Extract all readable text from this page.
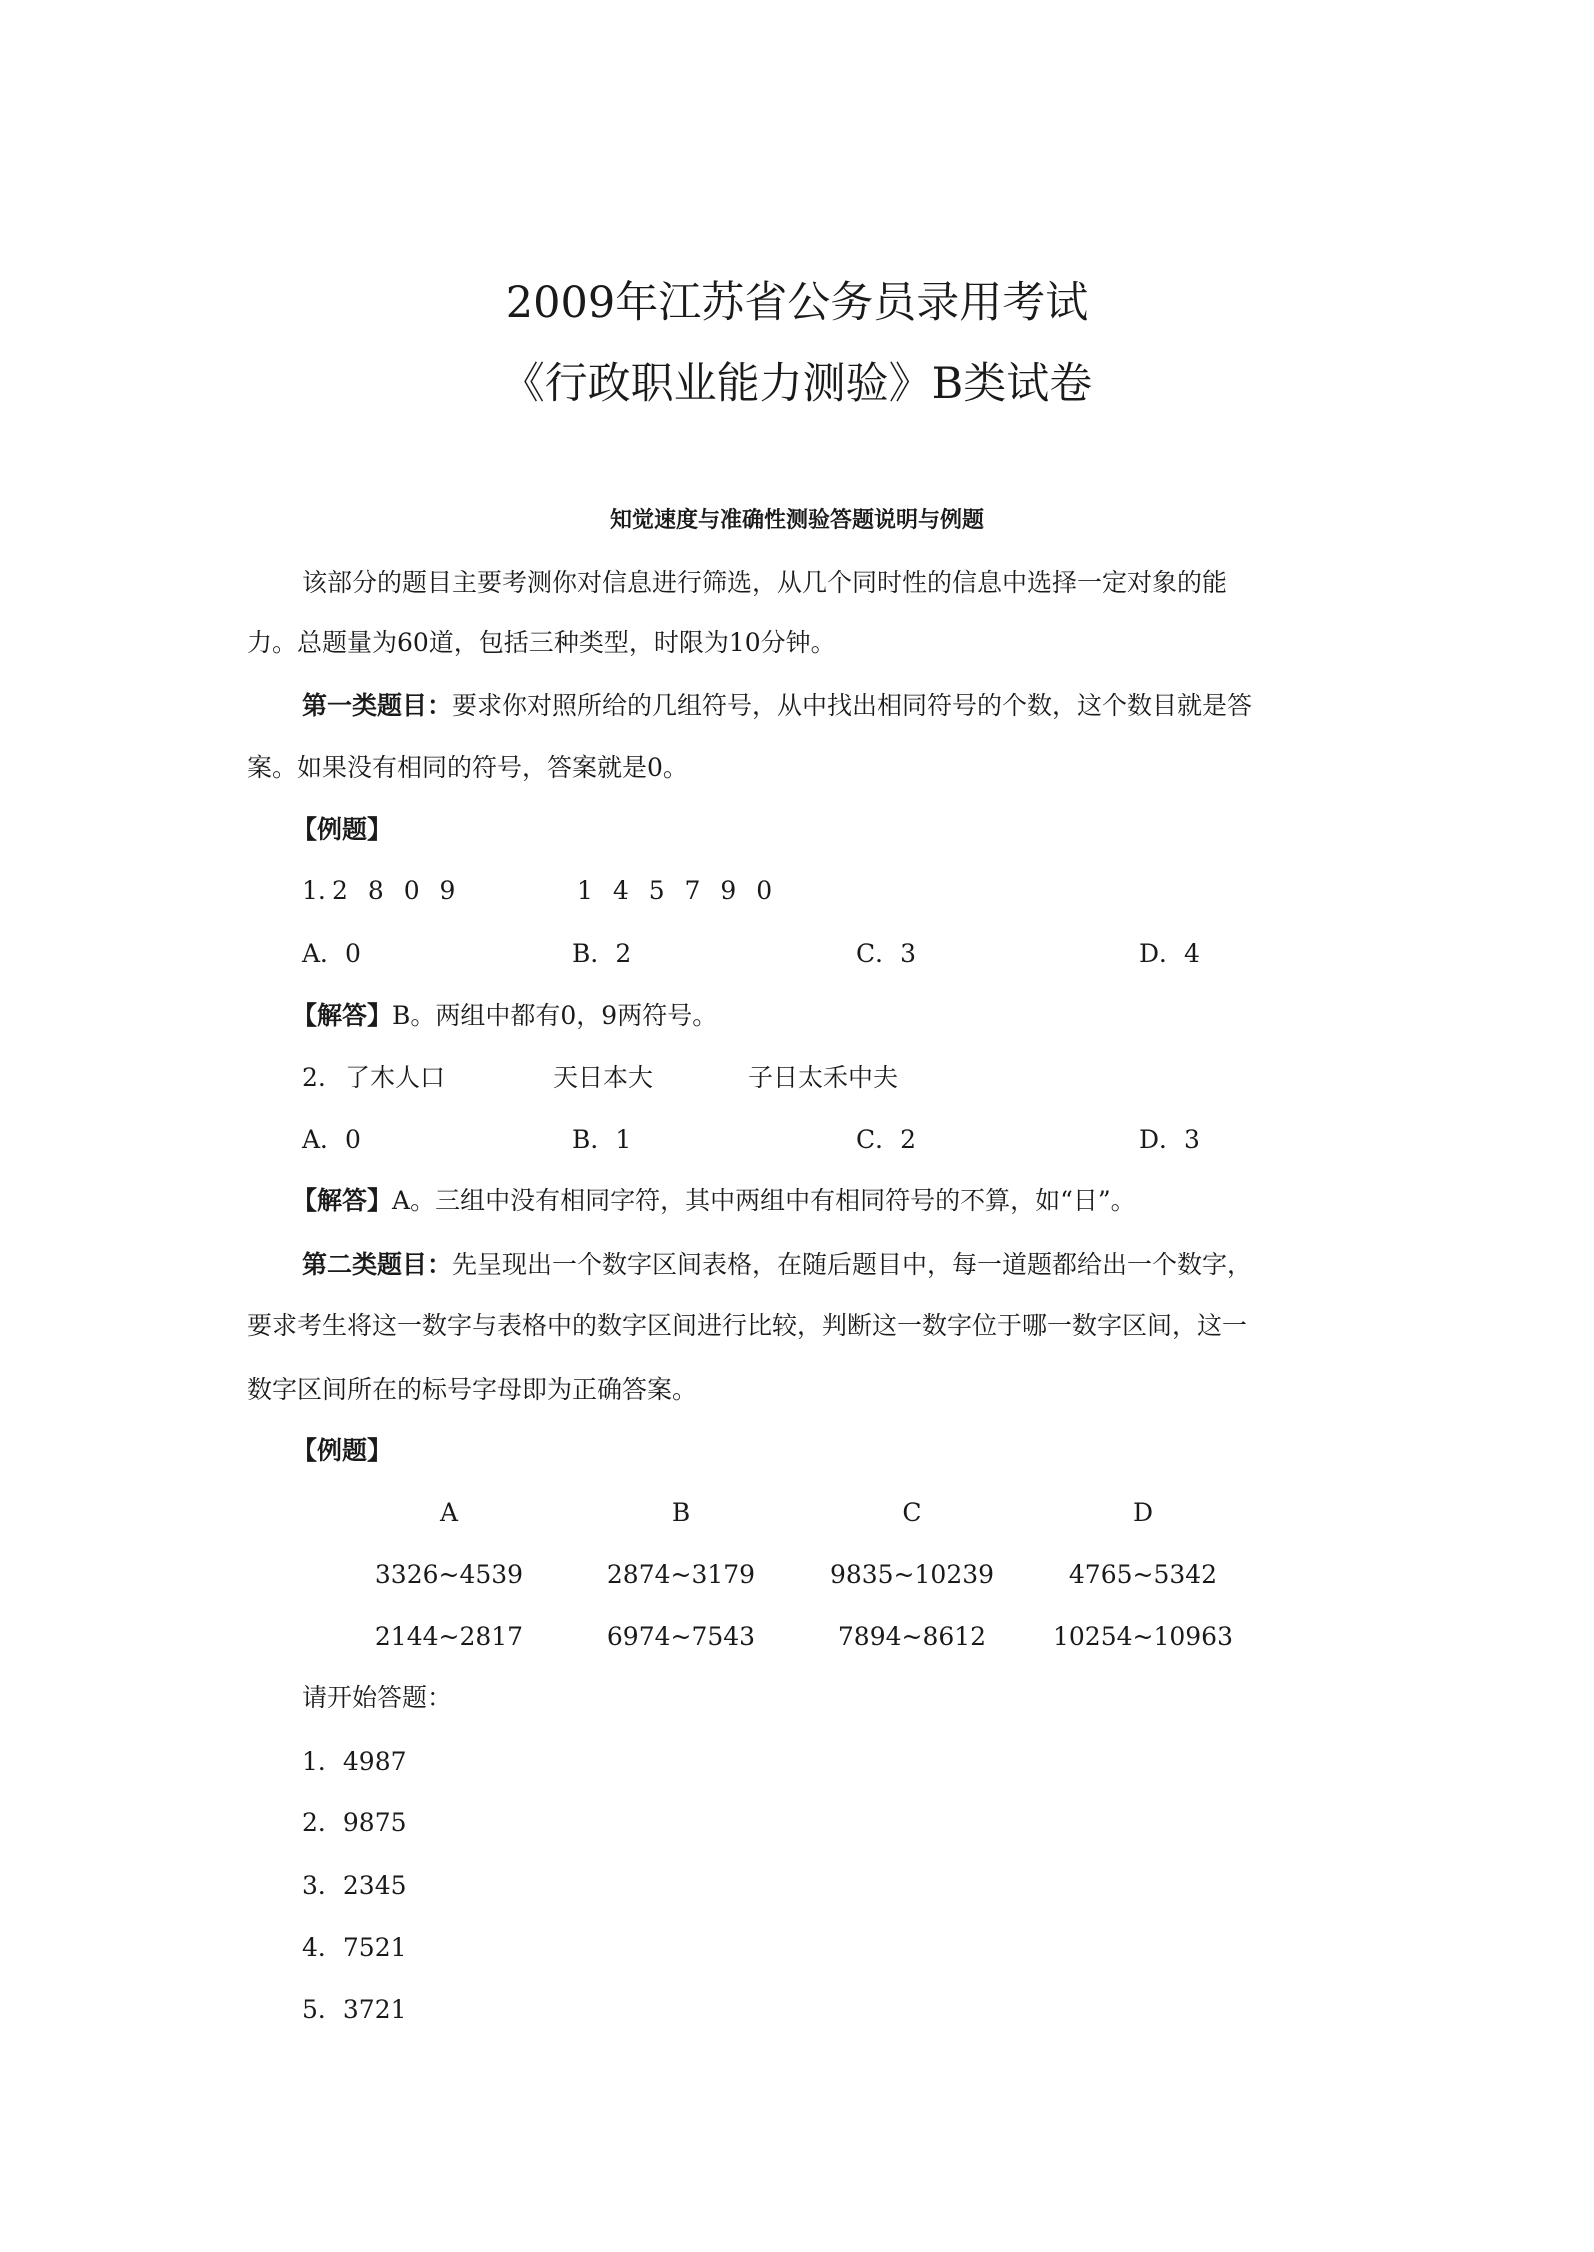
2009年江苏省公务员录用考试
《行政职业能力测验》B类试卷
知觉速度与准确性测验答题说明与例题
该部分的题目主要考测你对信息进行筛选，从几个同时性的信息中选择一定对象的能
力。总题量为60道，包括三种类型，时限为10分钟。
第一类题目：要求你对照所给的几组符号，从中找出相同符号的个数，这个数目就是答
案。如果没有相同的符号，答案就是0。
【例题】
1. 2 8 0 9	1 4 5 7 9 0
A．0	B．2	C．3	D．4
【解答】B。两组中都有0，9两符号。
2. 了木人口	天日本大	子日太禾中夫
A．0	B．1	C．2	D．3
【解答】A。三组中没有相同字符，其中两组中有相同符号的不算，如“日”。
第二类题目：先呈现出一个数字区间表格，在随后题目中，每一道题都给出一个数字，
要求考生将这一数字与表格中的数字区间进行比较，判断这一数字位于哪一数字区间，这一
数字区间所在的标号字母即为正确答案。
【例题】
A	B	C	D
3326~4539	2874~3179	9835~10239	4765~5342
2144~2817	6974~7543	7894~8612	10254~10963
请开始答题：
1．4987
2．9875
3．2345
4．7521
5．3721
